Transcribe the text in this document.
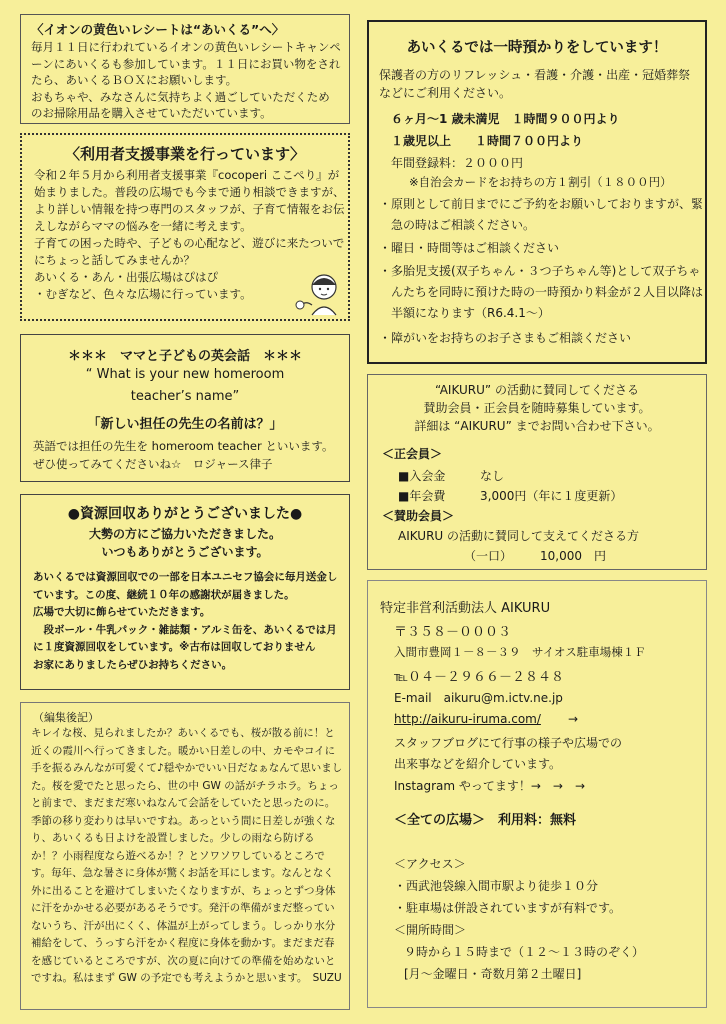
〈イオンの黄色いレシートは“あいくる”へ〉

毎月１１日に行われているイオンの黄色いレシートキャンペーンにあいくるも参加しています。１１日にお買い物をされたら、あいくるＢＯＸにお願いします。
おもちゃや、みなさんに気持ちよく過ごしていただくためのお掃除用品を購入させていただいています。

〈利用者支援事業を行っています〉

令和２年５月から利用者支援事業『cocoperi ここぺり』が始まりました。普段の広場でも今まで通り相談できますが、より詳しい情報を持つ専門のスタッフが、子育て情報をお伝えしながらママの悩みを一緒に考えます。
子育ての困った時や、子どもの心配など、遊びに来たついでにちょっと話してみませんか？
あいくる・あん・出張広場はぴはぴ
・むぎなど、色々な広場に行っています。

＊＊＊　ママと子どもの英会話　＊＊＊
“ What is your new homeroom
teacher’s name”
「新しい担任の先生の名前は？」

英語では担任の先生を homeroom teacher といいます。ぜひ使ってみてくださいね☆　ロジャース律子

●資源回収ありがとうございました●
大勢の方にご協力いただきました。
いつもありがとうございます。

あいくるでは資源回収での一部を日本ユニセフ協会に毎月送金しています。この度、継続１０年の感謝状が届きました。
広場で大切に飾らせていただきます。
　段ボール・牛乳パック・雑誌類・アルミ缶を、あいくるでは月に１度資源回収をしています。※古布は回収しておりません
お家にありましたらぜひお持ちください。

（編集後記）

キレイな桜、見られましたか？あいくるでも、桜が散る前に！と近くの霞川へ行ってきました。暖かい日差しの中、カモやコイに手を振るみんなが可愛くて♪穏やかでいい日だなぁなんて思いました。桜を愛でたと思ったら、世の中 GW の話がチラホラ。ちょっと前まで、まだまだ寒いねなんて会話をしていたと思ったのに。季節の移り変わりは早いですね。あっという間に日差しが強くなり、あいくるも日よけを設置しました。少しの雨なら防げるか！？小雨程度なら遊べるか！？とソワソワしているところです。毎年、急な暑さに身体が驚くお話を耳にします。なんとなく外に出ることを避けてしまいたくなりますが、ちょっとずつ身体に汗をかかせる必要があるそうです。発汗の準備がまだ整っていないうち、汗が出にくく、体温が上がってしまう。しっかり水分補給をして、うっすら汗をかく程度に身体を動かす。まだまだ春を感じているところですが、次の夏に向けての準備を始めないとですね。私はまず GW の予定でも考えようかと思います。　SUZU

あいくるでは一時預かりをしています！

保護者の方のリフレッシュ・看護・介護・出産・冠婚葬祭などにご利用ください。

６ヶ月～1 歳未満児　１時間９００円より
１歳児以上　　１時間７００円より
年間登録料：２０００円
※自治会カードをお持ちの方１割引（１８００円）

・原則として前日までにご予約をお願いしておりますが、緊急の時はご相談ください。

・曜日・時間等はご相談ください

・多胎児支援(双子ちゃん・３つ子ちゃん等)として双子ちゃんたちを同時に預けた時の一時預かり料金が２人目以降は半額になります（R6.4.1～）

・障がいをお持ちのお子さまもご相談ください

“AIKURU” の活動に賛同してくださる
賛助会員・正会員を随時募集しています。
詳細は “AIKURU” までお問い合わせ下さい。
＜正会員＞
■入会金	なし
■年会費	3,000円（年に１度更新）
＜賛助会員＞
AIKURU の活動に賛同して支えてくださる方
（一口） 10,000　円
特定非営利活動法人 AIKURU
〒３５８－０００３
入間市豊岡１－８－３９　サイオス駐車場棟１Ｆ
℡０４－２９６６－２８４８
E-mail　aikuru@m.ictv.ne.jp
http://aikuru-iruma.com/ →
スタッフブログにて行事の様子や広場での
出来事などを紹介しています。
Instagram やってます！→　→　→
＜全ての広場＞　利用料：無料
＜アクセス＞
・西武池袋線入間市駅より徒歩１０分
・駐車場は併設されていますが有料です。
＜開所時間＞
９時から１５時まで（１２～１３時のぞく）
[月～金曜日・奇数月第２土曜日]
